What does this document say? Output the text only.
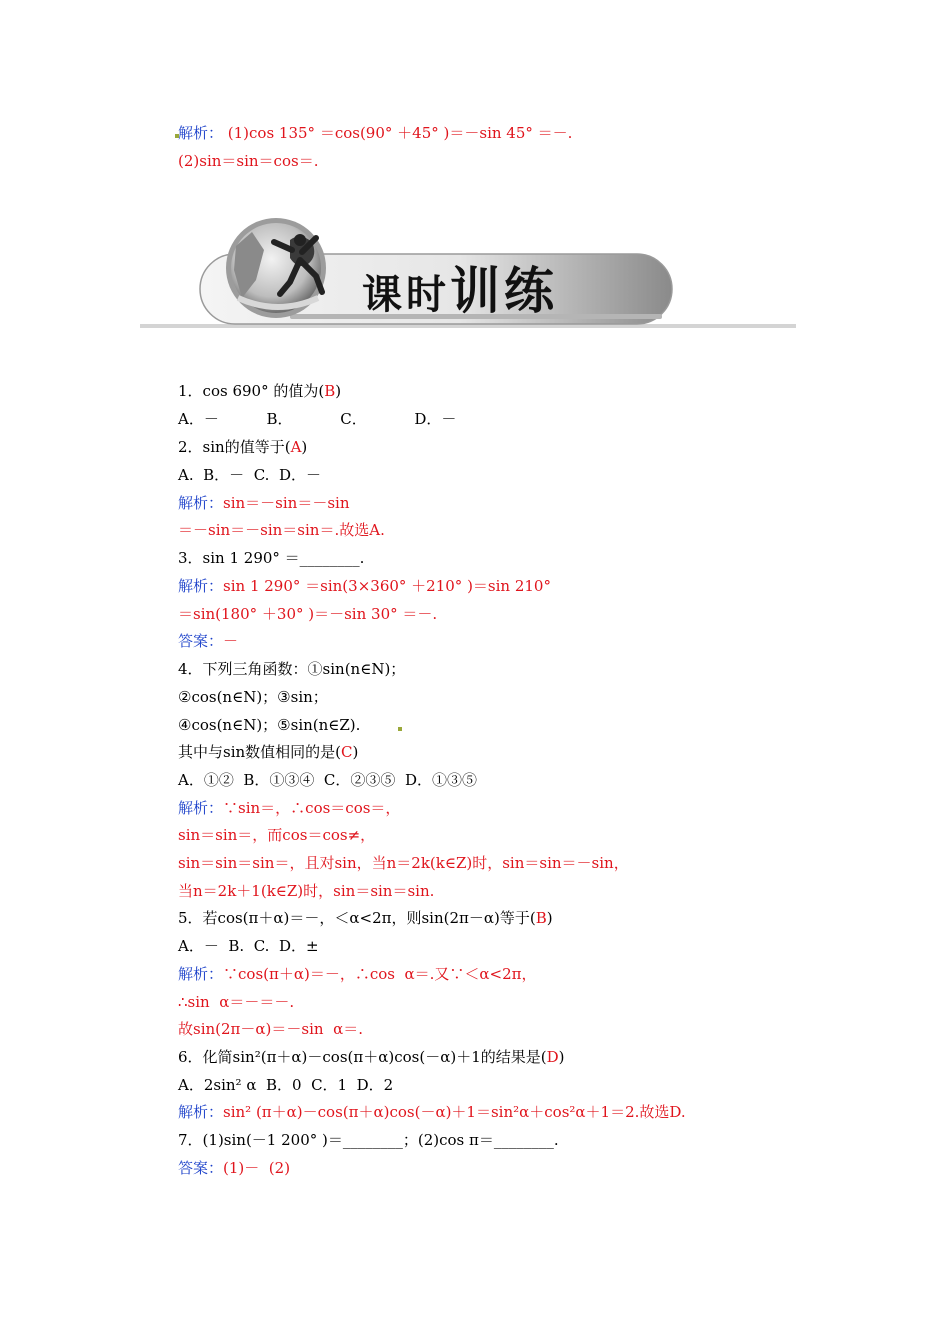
解析： (1)cos 135° ＝cos(90° ＋45° )＝－sin 45° ＝－.
(2)sin＝sin＝cos＝.
课时训练
1．cos 690° 的值为(B)
A．－          B．          C．          D．－
2．sin的值等于(A)
A.  B．－  C.  D．－
解析：sin＝－sin＝－sin
＝－sin＝－sin＝sin＝.故选A.
3．sin 1 290° ＝________.
解析：sin 1 290° ＝sin(3×360° ＋210° )＝sin 210°
＝sin(180° ＋30° )＝－sin 30° ＝－.
答案：－
4．下列三角函数：①sin(n∈N)；
②cos(n∈N)；③sin；
④cos(n∈N)；⑤sin(n∈Z).
其中与sin数值相同的是(C)
A．①②  B．①③④  C．②③⑤  D．①③⑤
解析：∵sin＝，∴cos＝cos＝，
sin＝sin＝，而cos＝cos≠，
sin＝sin＝sin＝，且对sin，当n＝2k(k∈Z)时，sin＝sin＝－sin，
当n＝2k＋1(k∈Z)时，sin＝sin＝sin.
5．若cos(π＋α)＝－，＜α<2π，则sin(2π－α)等于(B)
A．－  B.  C.  D．±
解析：∵cos(π＋α)＝－，∴cos  α＝.又∵＜α<2π，
∴sin  α＝－＝－.
故sin(2π－α)＝－sin  α＝.
6．化简sin²(π＋α)－cos(π＋α)cos(－α)＋1的结果是(D)
A．2sin² α  B．0  C．1  D．2
解析：sin² (π＋α)－cos(π＋α)cos(－α)＋1＝sin²α＋cos²α＋1＝2.故选D.
7．(1)sin(－1 200° )＝________；(2)cos π＝________.
答案：(1)－  (2)
